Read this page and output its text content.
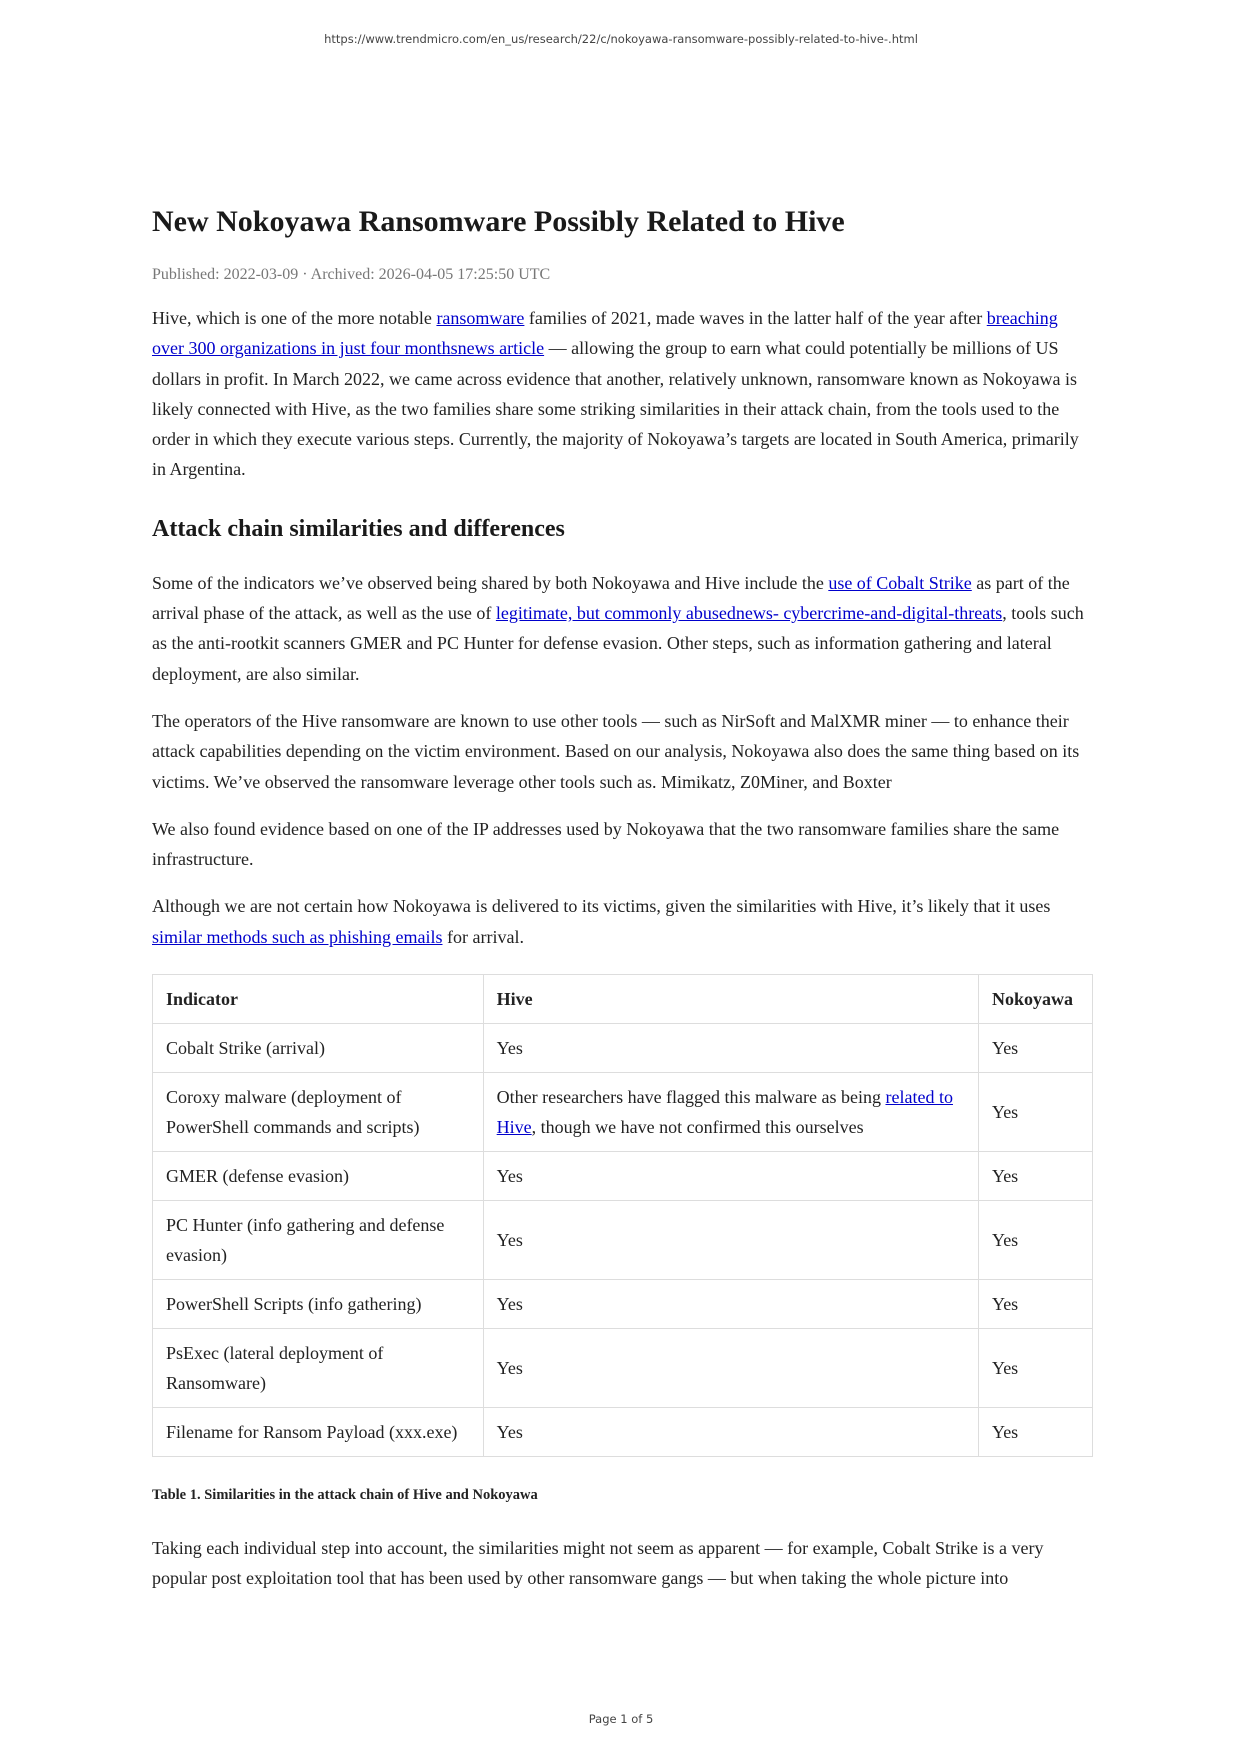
https://www.trendmicro.com/en_us/research/22/c/nokoyawa-ransomware-possibly-related-to-hive-.html
New Nokoyawa Ransomware Possibly Related to Hive
Published: 2022-03-09 · Archived: 2026-04-05 17:25:50 UTC

Hive, which is one of the more notable ransomware families of 2021, made waves in the latter half of the year after breaching over 300 organizations in just four monthsnews article — allowing the group to earn what could potentially be millions of US dollars in profit. In March 2022, we came across evidence that another, relatively unknown, ransomware known as Nokoyawa is likely connected with Hive, as the two families share some striking similarities in their attack chain, from the tools used to the order in which they execute various steps. Currently, the majority of Nokoyawa’s targets are located in South America, primarily in Argentina.

Attack chain similarities and differences

Some of the indicators we’ve observed being shared by both Nokoyawa and Hive include the use of Cobalt Strike as part of the arrival phase of the attack, as well as the use of legitimate, but commonly abusednews- cybercrime-and-digital-threats, tools such as the anti-rootkit scanners GMER and PC Hunter for defense evasion. Other steps, such as information gathering and lateral deployment, are also similar.

The operators of the Hive ransomware are known to use other tools — such as NirSoft and MalXMR miner — to enhance their attack capabilities depending on the victim environment. Based on our analysis, Nokoyawa also does the same thing based on its victims. We’ve observed the ransomware leverage other tools such as. Mimikatz, Z0Miner, and Boxter

We also found evidence based on one of the IP addresses used by Nokoyawa that the two ransomware families share the same infrastructure.

Although we are not certain how Nokoyawa is delivered to its victims, given the similarities with Hive, it’s likely that it uses similar methods such as phishing emails for arrival.

Indicator	Hive	Nokoyawa
Cobalt Strike (arrival)	Yes	Yes
Coroxy malware (deployment of PowerShell commands and scripts)	Other researchers have flagged this malware as being related to Hive, though we have not confirmed this ourselves	Yes
GMER (defense evasion)	Yes	Yes
PC Hunter (info gathering and defense evasion)	Yes	Yes
PowerShell Scripts (info gathering)	Yes	Yes
PsExec (lateral deployment of Ransomware)	Yes	Yes
Filename for Ransom Payload (xxx.exe)	Yes	Yes
Table 1. Similarities in the attack chain of Hive and Nokoyawa

Taking each individual step into account, the similarities might not seem as apparent — for example, Cobalt Strike is a very popular post exploitation tool that has been used by other ransomware gangs — but when taking the whole picture into

Page 1 of 5
